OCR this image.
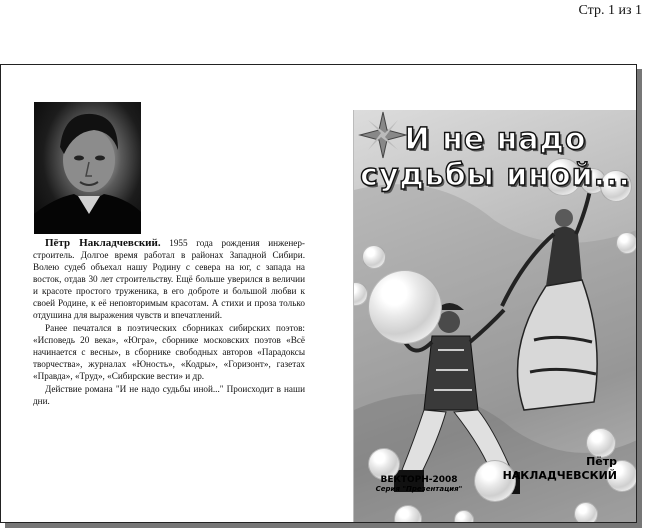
Стр. 1 из 1

Пётр Накладчевский. 1955 года рождения инженер-строитель. Долгое время работал в районах Западной Сибири. Волею судеб объехал нашу Родину с севера на юг, с запада на восток, отдав 30 лет строительству. Ещё больше уверился в величии и красоте простого труженика, в его доброте и большой любви к своей Родине, к её неповторимым красотам. А стихи и проза только отдушина для выражения чувств и впечатлений.

Ранее печатался в поэтических сборниках сибирских поэтов: «Исповедь 20 века», «Югра», сборнике московских поэтов «Всё начинается с весны», в сборнике свободных авторов «Парадоксы творчества», журналах «Юность», «Кодры», «Горизонт», газетах «Правда», «Труд», «Сибирские вести» и др.

Действие романа "И не надо судьбы иной..." Происходит в наши дни.

И не надо
судьбы иной...
ВЕКТОРН-2008
Серия "Презентация"
Пётр
НАКЛАДЧЕВСКИЙ
